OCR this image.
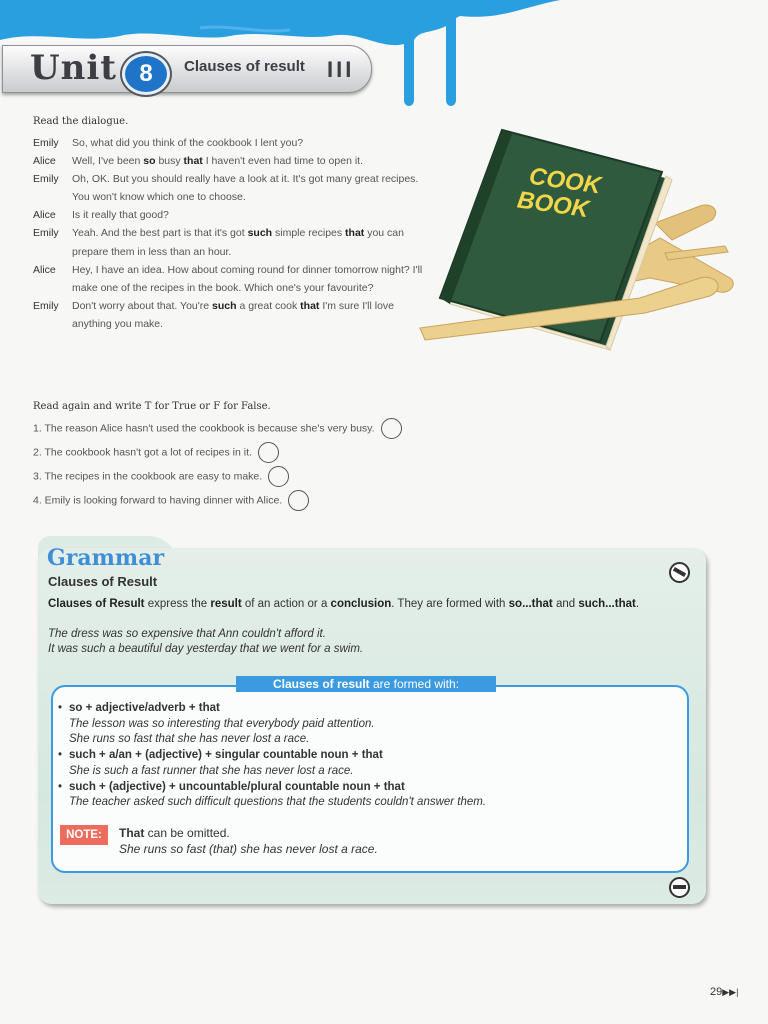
Unit 8	Clauses of result III
Read the dialogue.
Emily	So, what did you think of the cookbook I lent you?
Alice	Well, I've been so busy that I haven't even had time to open it.
Emily	Oh, OK. But you should really have a look at it. It's got many great recipes. You won't know which one to choose.
Alice	Is it really that good?
Emily	Yeah. And the best part is that it's got such simple recipes that you can prepare them in less than an hour.
Alice	Hey, I have an idea. How about coming round for dinner tomorrow night? I'll make one of the recipes in the book. Which one's your favourite?
Emily	Don't worry about that. You're such a great cook that I'm sure I'll love anything you make.
COOK
BOOK
Read again and write T for True or F for False.
1. The reason Alice hasn't used the cookbook is because she's very busy.
2. The cookbook hasn't got a lot of recipes in it.
3. The recipes in the cookbook are easy to make.
4. Emily is looking forward to having dinner with Alice.
Grammar
Clauses of Result
Clauses of Result express the result of an action or a conclusion. They are formed with so...that and such...that.
The dress was so expensive that Ann couldn't afford it.
It was such a beautiful day yesterday that we went for a swim.
Clauses of result are formed with:
• so + adjective/adverb + that
The lesson was so interesting that everybody paid attention.
She runs so fast that she has never lost a race.
• such + a/an + (adjective) + singular countable noun + that
She is such a fast runner that she has never lost a race.
• such + (adjective) + uncountable/plural countable noun + that
The teacher asked such difficult questions that the students couldn't answer them.
NOTE:	That can be omitted.
She runs so fast (that) she has never lost a race.
29▶▶|
